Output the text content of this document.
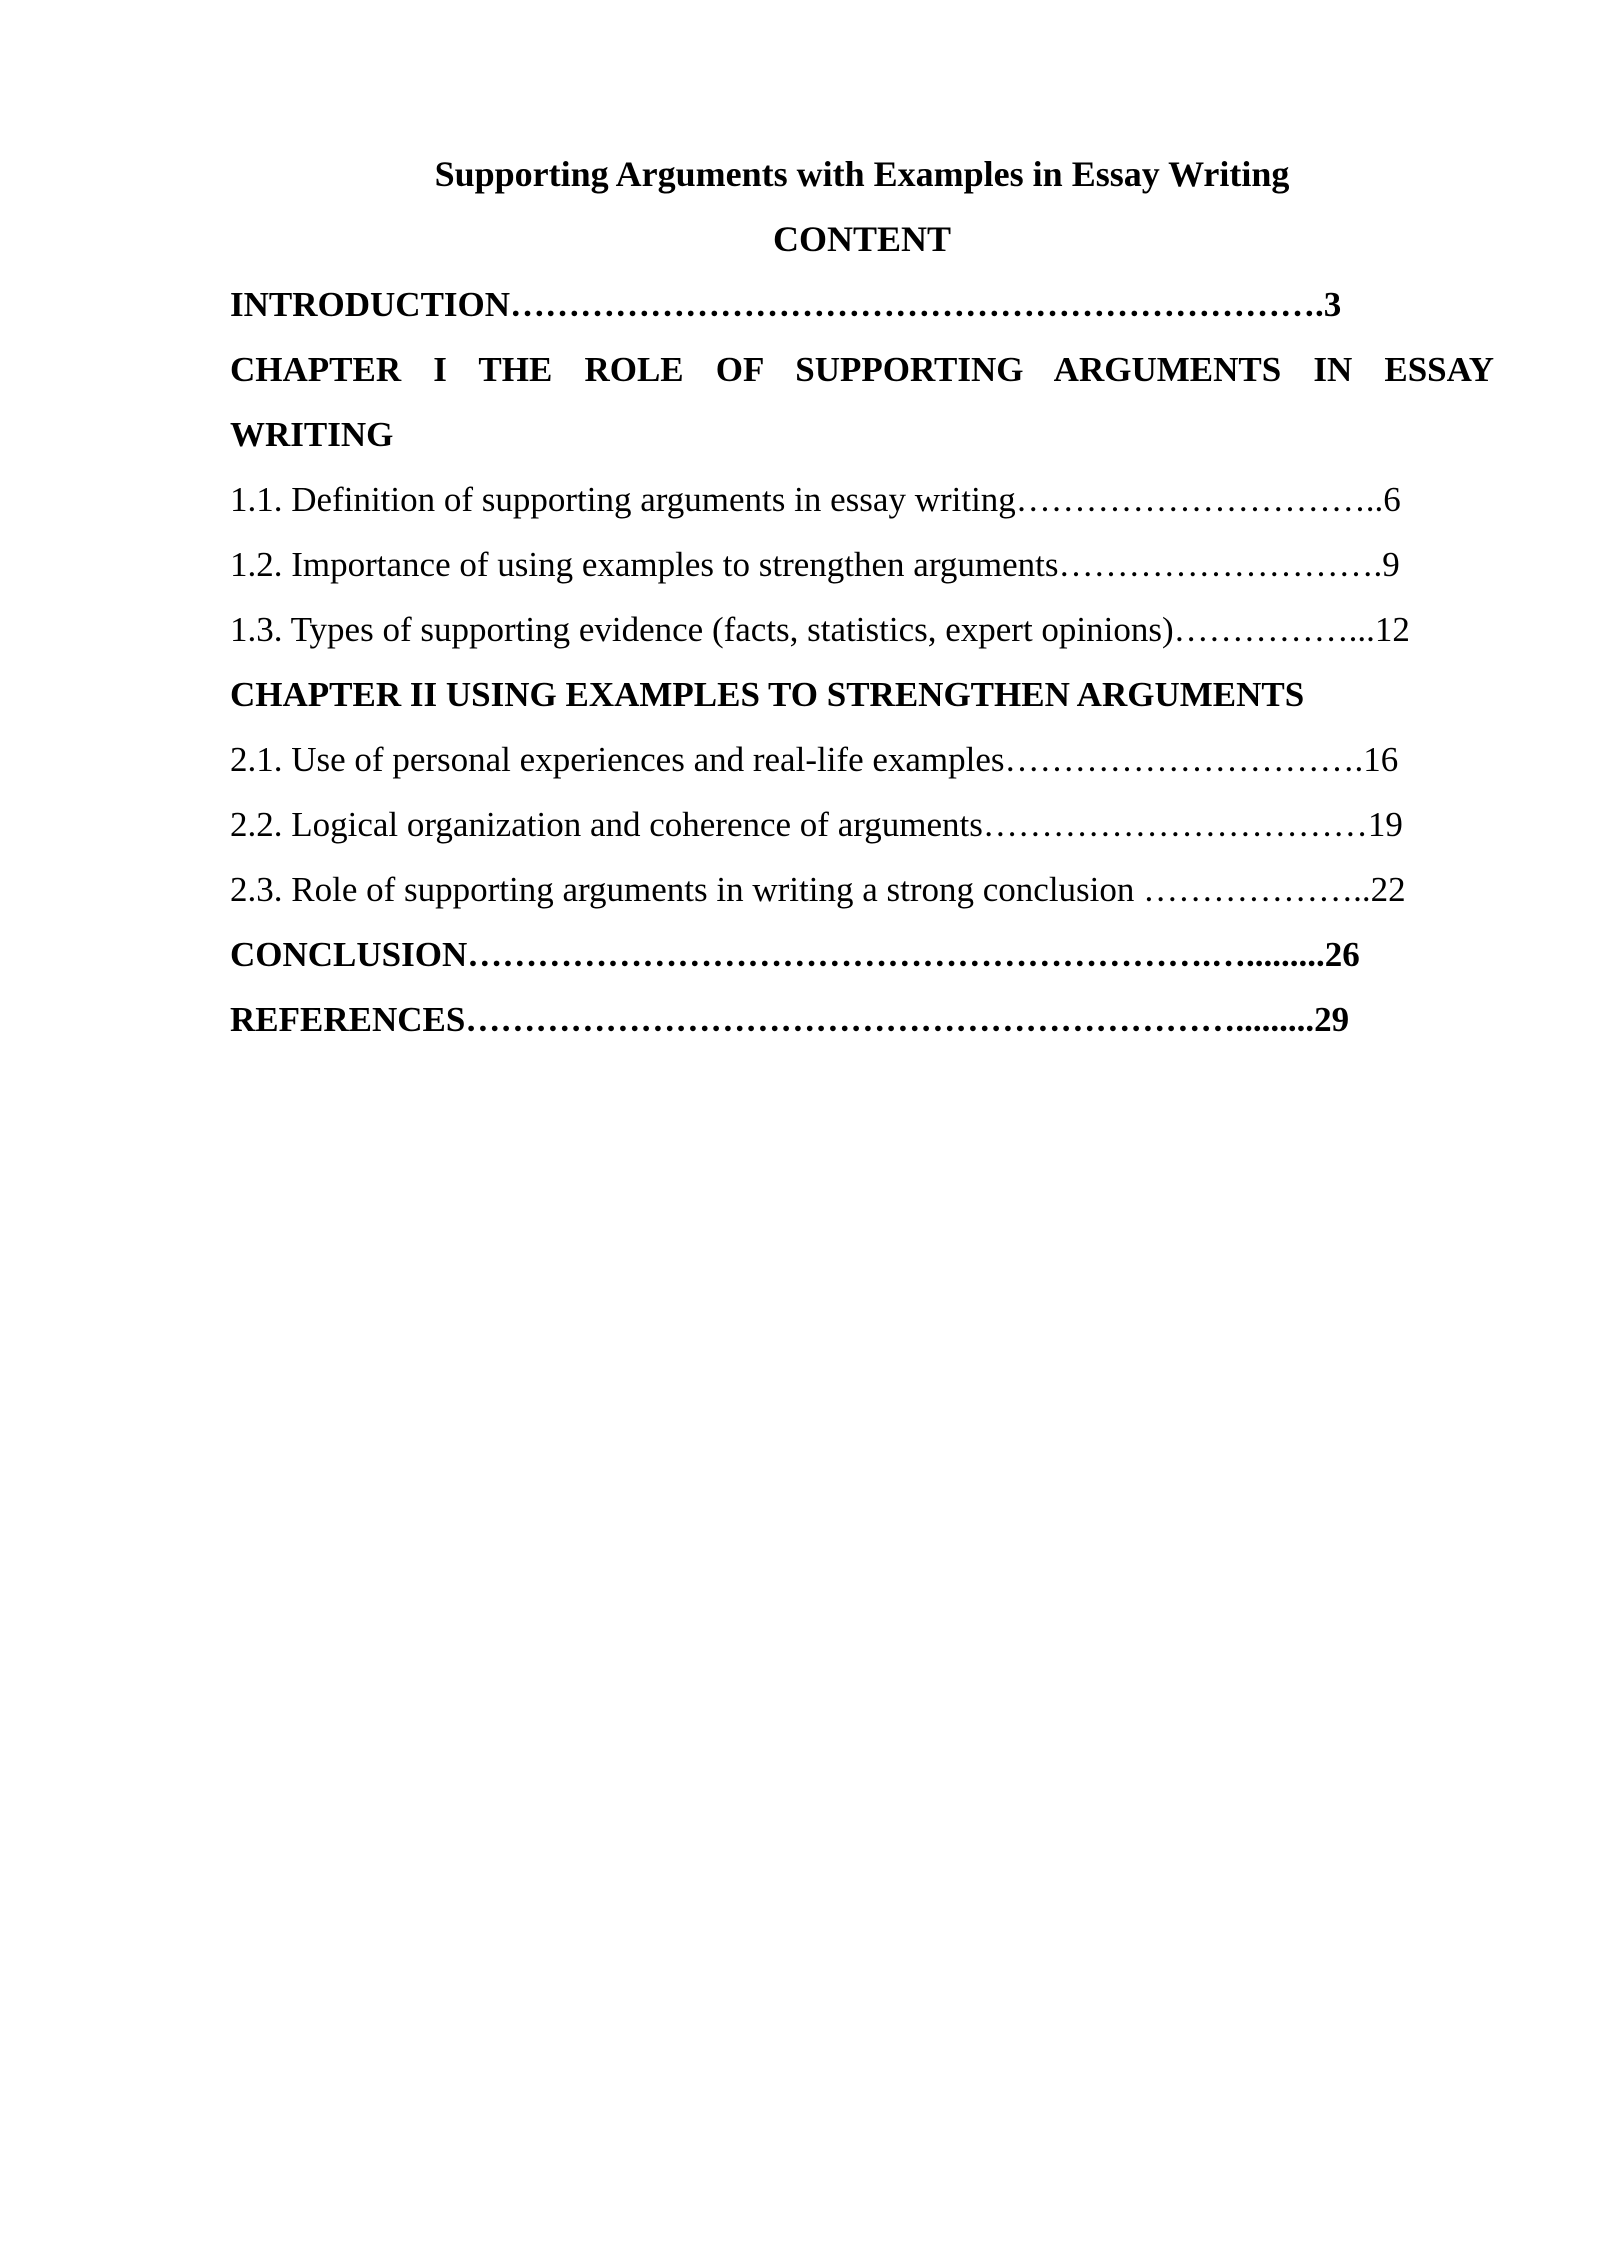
Supporting Arguments with Examples in Essay Writing
CONTENT
INTRODUCTION…………………………………………………………….3
CHAPTER I THE ROLE OF SUPPORTING ARGUMENTS IN ESSAY
WRITING
1.1. Definition of supporting arguments in essay writing…………………………..6
1.2. Importance of using examples to strengthen arguments……………………….9
1.3. Types of supporting evidence (facts, statistics, expert opinions)……………...12
CHAPTER II USING EXAMPLES TO STRENGTHEN ARGUMENTS
2.1. Use of personal experiences and real-life examples………………………….16
2.2. Logical organization and coherence of arguments……………………………19
2.3. Role of supporting arguments in writing a strong conclusion ………………..22
CONCLUSION……………………………………………………….….........26
REFERENCES………………………………………………………….........29
